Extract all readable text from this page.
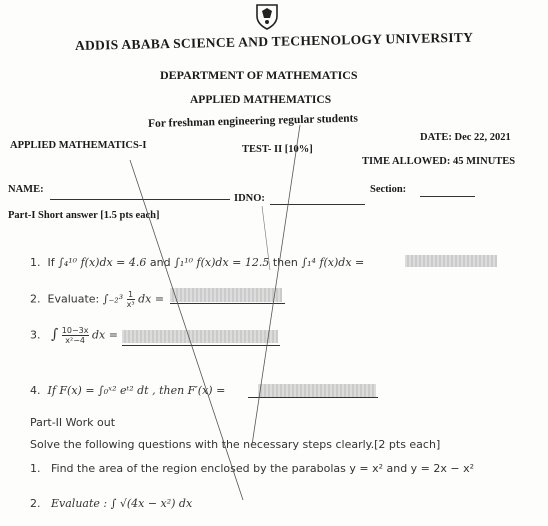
ADDIS ABABA SCIENCE AND TECHENOLOGY UNIVERSITY
DEPARTMENT OF MATHEMATICS
APPLIED MATHEMATICS
For freshman engineering regular students
APPLIED MATHEMATICS-I	TEST- II [10%]
DATE: Dec 22, 2021
TIME ALLOWED: 45 MINUTES
NAME:
IDNO:
Section:
Part-I Short answer [1.5 pts each]
1. If ∫₄¹⁰ f(x)dx = 4.6 and ∫₁¹⁰ f(x)dx = 12.5 then ∫₁⁴ f(x)dx =
2. Evaluate: $\int_{-2}^3 \frac{1}{\text{x³}}$ dx =
3. ∫ $\frac{10-3x}{\text{x²−4}}$ dx =
4. If F(x) = ∫₀ˣ² eᵗ² dt , then F′(x) =
Part-II Work out
Solve the following questions with the necessary steps clearly.[2 pts each]
1. Find the area of the region enclosed by the parabolas y = x² and y = 2x − x²
2. Evaluate : ∫ √(4x − x²) dx
